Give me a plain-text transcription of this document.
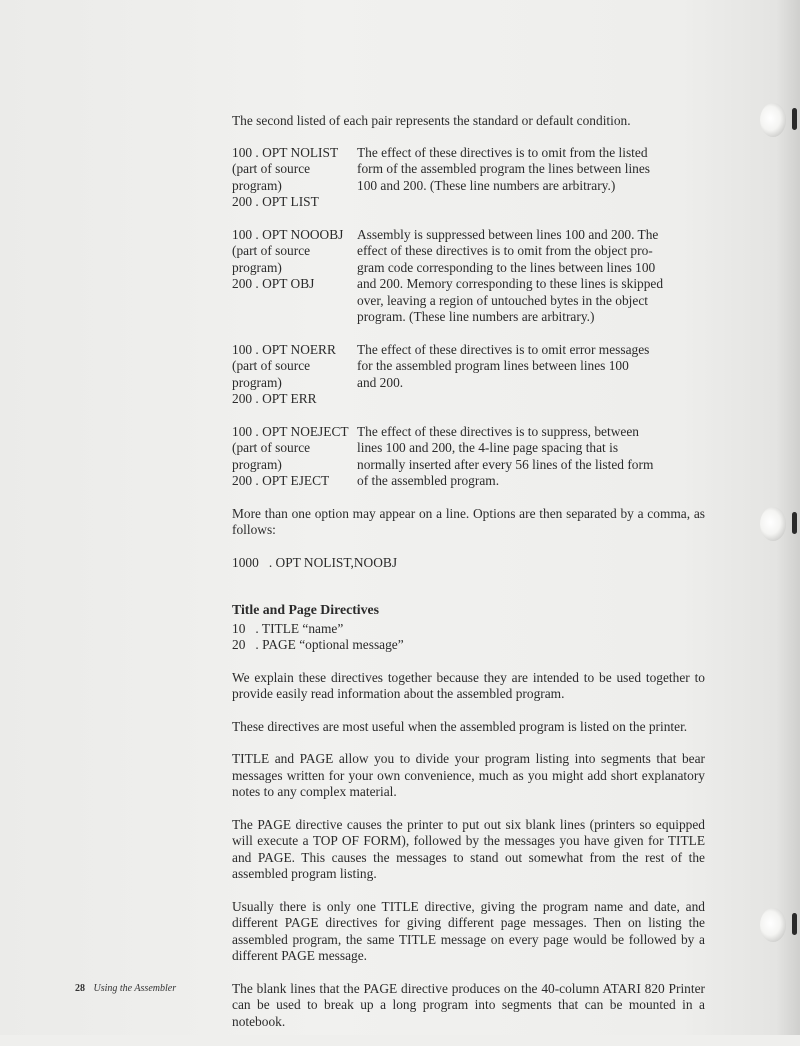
The second listed of each pair represents the standard or default condition.

100 . OPT NOLIST
(part of source
program)
200 . OPT LIST
The effect of these directives is to omit from the listed
form of the assembled program the lines between lines
100 and 200. (These line numbers are arbitrary.)
100 . OPT NOOOBJ
(part of source
program)
200 . OPT OBJ
Assembly is suppressed between lines 100 and 200. The
effect of these directives is to omit from the object pro-
gram code corresponding to the lines between lines 100
and 200. Memory corresponding to these lines is skipped
over, leaving a region of untouched bytes in the object
program. (These line numbers are arbitrary.)
100 . OPT NOERR
(part of source
program)
200 . OPT ERR
The effect of these directives is to omit error messages
for the assembled program lines between lines 100
and 200.
100 . OPT NOEJECT
(part of source
program)
200 . OPT EJECT
The effect of these directives is to suppress, between
lines 100 and 200, the 4-line page spacing that is
normally inserted after every 56 lines of the listed form
of the assembled program.

More than one option may appear on a line. Options are then separated by a comma, as follows:

1000   . OPT NOLIST,NOOBJ
Title and Page Directives
10   . TITLE “name”
20   . PAGE “optional message”

We explain these directives together because they are intended to be used together to provide easily read information about the assembled program.

These directives are most useful when the assembled program is listed on the printer.

TITLE and PAGE allow you to divide your program listing into segments that bear messages written for your own convenience, much as you might add short explanatory notes to any complex material.

The PAGE directive causes the printer to put out six blank lines (printers so equipped will execute a TOP OF FORM), followed by the messages you have given for TITLE and PAGE. This causes the messages to stand out somewhat from the rest of the assembled program listing.

Usually there is only one TITLE directive, giving the program name and date, and different PAGE directives for giving different page messages. Then on listing the assembled program, the same TITLE message on every page would be followed by a different PAGE message.

The blank lines that the PAGE directive produces on the 40-column ATARI 820 Printer can be used to break up a long program into segments that can be mounted in a notebook.

28 Using the Assembler
